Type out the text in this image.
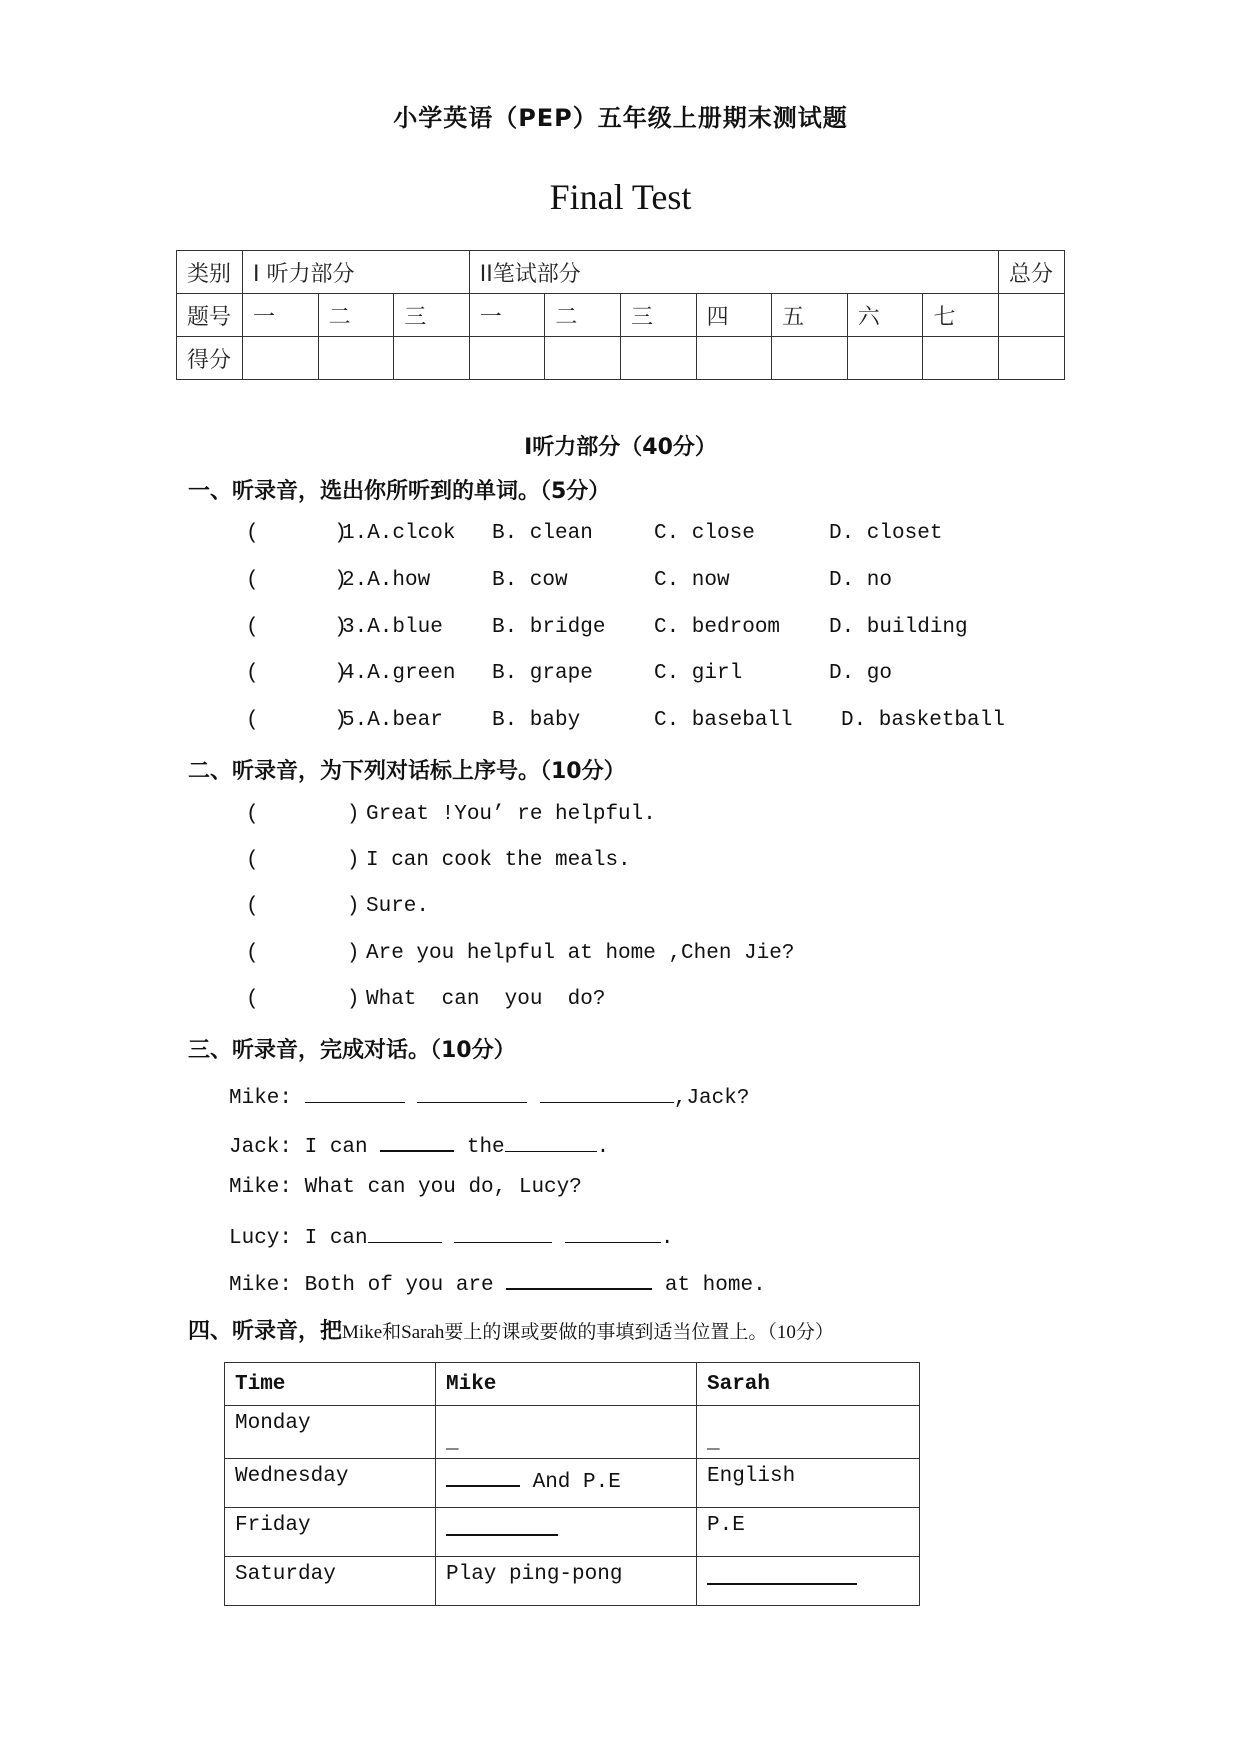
小学英语（PEP）五年级上册期末测试题
Final Test
类别	I 听力部分			II笔试部分							总分
题号	一	二	三	一	二	三	四	五	六	七	
得分											
I听力部分（40分）
一、听录音，选出你所听到的单词。（5分）

(      )

1.A.clcok

B. clean

	C. close

	D. closet

(      )

2.A.how

	B. cow

	C. now

	D. no

(      )

3.A.blue

B. bridge

C. bedroom

D. building

(      )

4.A.green

B. grape

	C. girl

	D. go

(      )

5.A.bear

B. baby

	C. baseball

D. basketball

二、听录音，为下列对话标上序号。（10分）

(       )

Great !You’ re helpful.

(       )

I can cook the meals.

(       )

Sure.

(       )

Are you helpful at home ,Chen Jie?

(       )

What  can  you  do?

三、听录音，完成对话。（10分）
Mike:	,Jack?
Jack: I can	the	.
Mike: What can you do, Lucy?
Lucy: I can	.
Mike: Both of you are	at home.
四、听录音，把Mike和Sarah要上的课或要做的事填到适当位置上。（10分）
Time	Mike	Sarah
Monday	_	_
Wednesday	And P.E	English
Friday		P.E
Saturday	Play ping-pong	
